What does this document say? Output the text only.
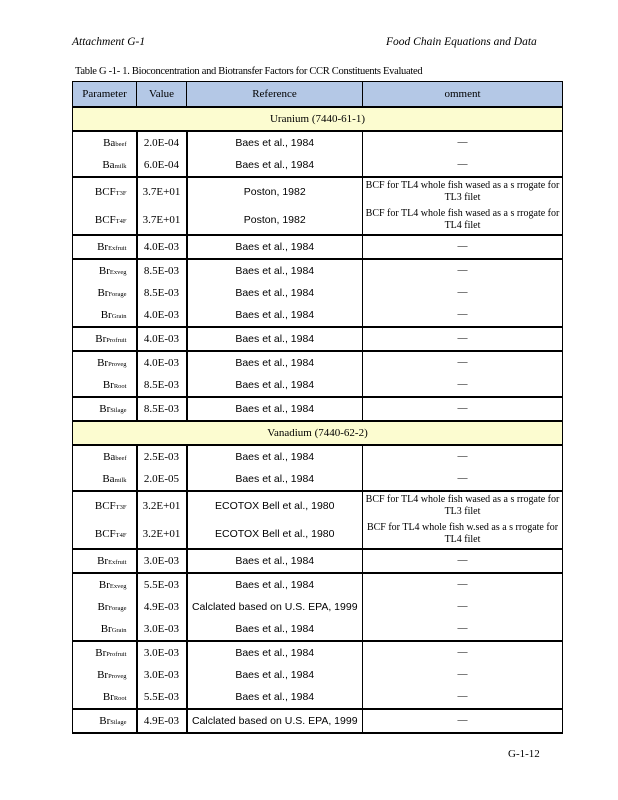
Attachment G-1	Food Chain Equations and Data
Table G -1- 1. Bioconcentration and Biotransfer Factors for CCR Constituents Evaluated
Parameter	Value	Reference	omment
Uranium (7440-61-1)			
Babeef	2.0E-04	Baes et al., 1984	—
Bamilk	6.0E-04	Baes et al., 1984	—
BCFT3F	3.7E+01	Poston, 1982	BCF for TL4 whole fish wased as a s rrogate for TL3 filet
BCFT4F	3.7E+01	Poston, 1982	BCF for TL4 whole fish wased as a s rrogate for TL4 filet
BrExfruit	4.0E-03	Baes et al., 1984	—
BrExveg	8.5E-03	Baes et al., 1984	—
BrForage	8.5E-03	Baes et al., 1984	—
BrGrain	4.0E-03	Baes et al., 1984	—
BrProfruit	4.0E-03	Baes et al., 1984	—
BrProveg	4.0E-03	Baes et al., 1984	—
BrRoot	8.5E-03	Baes et al., 1984	—
BrSilage	8.5E-03	Baes et al., 1984	—
Vanadium (7440-62-2)			
Babeef	2.5E-03	Baes et al., 1984	—
Bamilk	2.0E-05	Baes et al., 1984	—
BCFT3F	3.2E+01	ECOTOX Bell et al., 1980	BCF for TL4 whole fish wased as a s rrogate for TL3 filet
BCFT4F	3.2E+01	ECOTOX Bell et al., 1980	BCF for TL4 whole fish w.sed as a s rrogate for TL4 filet
BrExfruit	3.0E-03	Baes et al., 1984	—
BrExveg	5.5E-03	Baes et al., 1984	—
BrForage	4.9E-03	Calclated based on U.S. EPA, 1999	—
BrGrain	3.0E-03	Baes et al., 1984	—
BrProfruit	3.0E-03	Baes et al., 1984	—
BrProveg	3.0E-03	Baes et al., 1984	—
BrRoot	5.5E-03	Baes et al., 1984	—
BrSilage	4.9E-03	Calclated based on U.S. EPA, 1999	—
G-1-12
